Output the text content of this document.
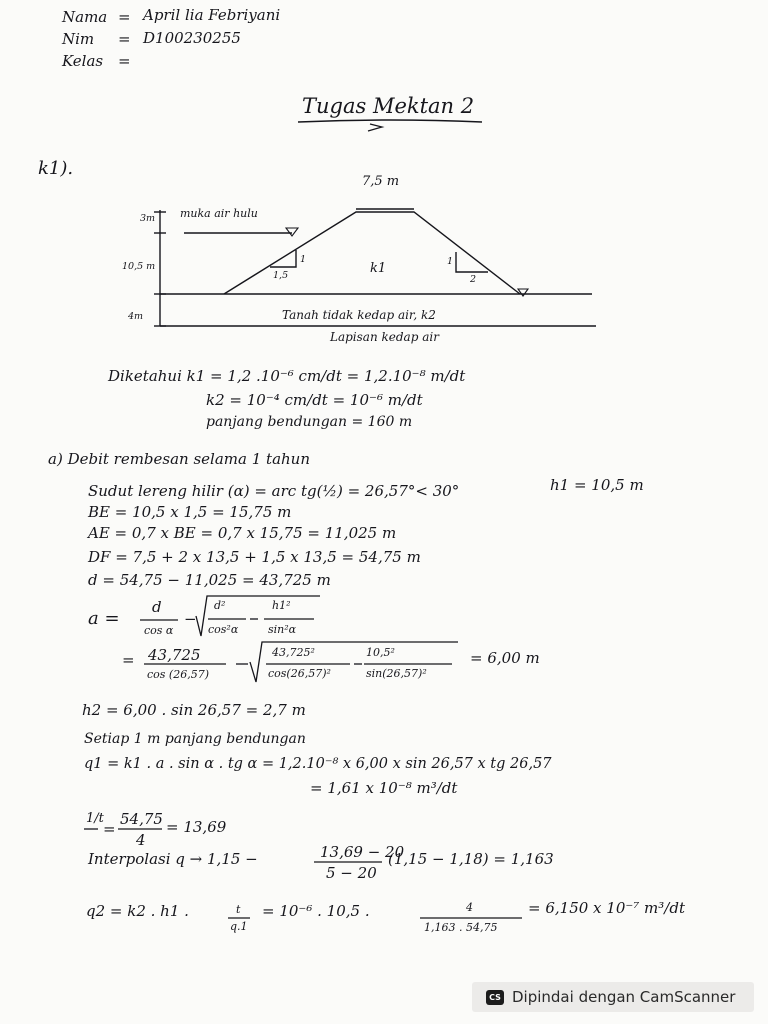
Nama = April lia Febriyani
Nim = D100230255
Kelas =
Tugas Mektan 2
k1).
7,5 m
3m muka air hulu
10,5 m
4m
1
1,5	k1	1
2
Tanah tidak kedap air, k2
Lapisan kedap air
Diketahui k1 = 1,2 .10⁻⁶ cm/dt = 1,2.10⁻⁸ m/dt
k2 = 10⁻⁴ cm/dt = 10⁻⁶ m/dt
panjang bendungan = 160 m
a) Debit rembesan selama 1 tahun
Sudut lereng hilir (α) = arc tg(½) = 26,57°< 30°	h1 = 10,5 m
BE = 10,5 x 1,5 = 15,75 m
AE = 0,7 x BE = 0,7 x 15,75 = 11,025 m
DF = 7,5 + 2 x 13,5 + 1,5 x 13,5 = 54,75 m
d = 54,75 − 11,025 = 43,725 m
a =
d
cos α
−
d²
cos²α
h1²
sin²α
= 43,725
cos (26,57)
43,725²
cos(26,57)²
10,5²
sin(26,57)²
= 6,00 m
h2 = 6,00 . sin 26,57 = 2,7 m
Setiap 1 m panjang bendungan
q1 = k1 . a . sin α . tg α = 1,2.10⁻⁸ x 6,00 x sin 26,57 x tg 26,57
= 1,61 x 10⁻⁸ m³/dt
1/t
=
54,75
4
= 13,69
Interpolasi q → 1,15 −	13,69 − 20
5 − 20
(1,15 − 1,18) = 1,163
q2 = k2 . h1 .	t
q.1
= 10⁻⁶ . 10,5 .	4
1,163 . 54,75
= 6,150 x 10⁻⁷ m³/dt
CS Dipindai dengan CamScanner
